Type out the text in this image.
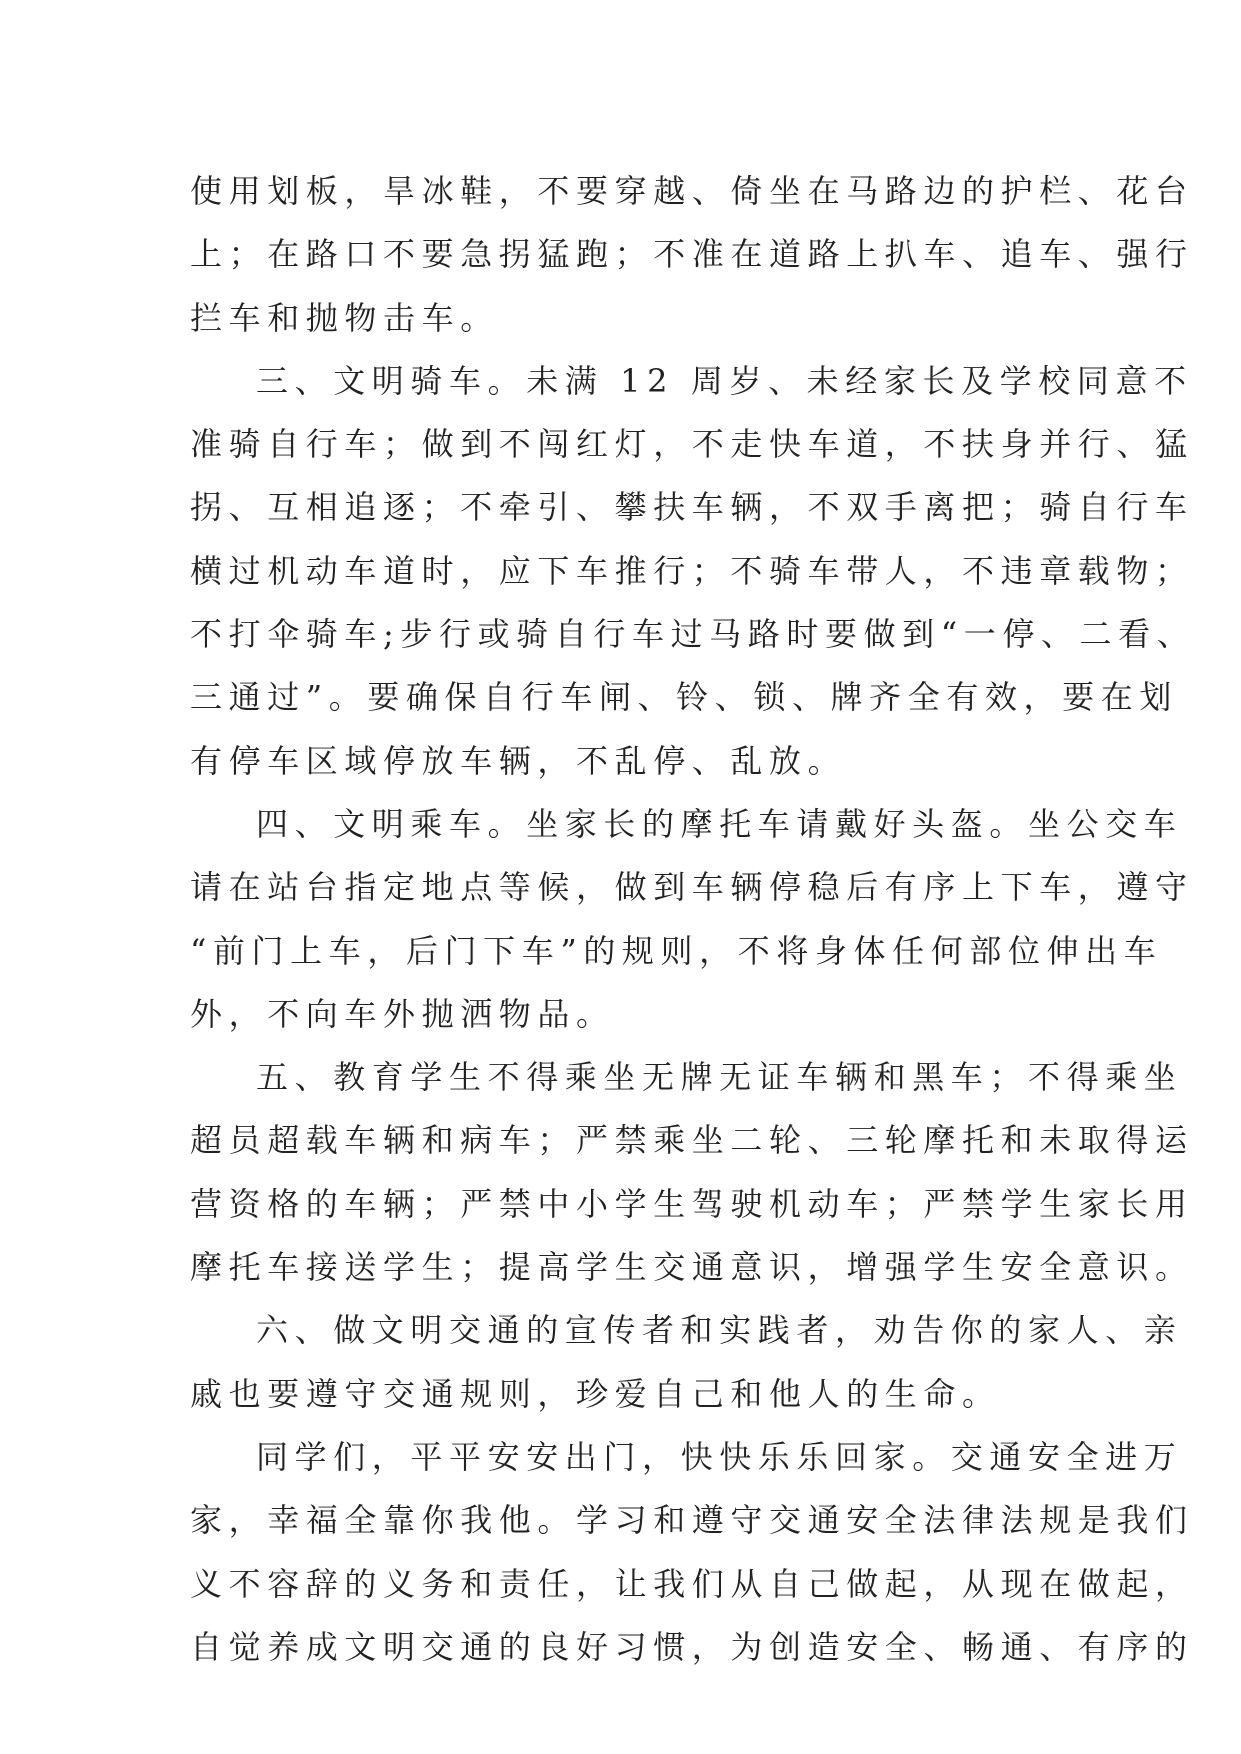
使用划板，旱冰鞋，不要穿越、倚坐在马路边的护栏、花台
上；在路口不要急拐猛跑；不准在道路上扒车、追车、强行
拦车和抛物击车。
三、文明骑车。未满 12 周岁、未经家长及学校同意不
准骑自行车；做到不闯红灯，不走快车道，不扶身并行、猛
拐、互相追逐；不牵引、攀扶车辆，不双手离把；骑自行车
横过机动车道时，应下车推行；不骑车带人，不违章载物；
不打伞骑车;步行或骑自行车过马路时要做到“一停、二看、
三通过”。要确保自行车闸、铃、锁、牌齐全有效，要在划
有停车区域停放车辆，不乱停、乱放。
四、文明乘车。坐家长的摩托车请戴好头盔。坐公交车
请在站台指定地点等候，做到车辆停稳后有序上下车，遵守
“前门上车，后门下车”的规则，不将身体任何部位伸出车
外，不向车外抛洒物品。
五、教育学生不得乘坐无牌无证车辆和黑车；不得乘坐
超员超载车辆和病车；严禁乘坐二轮、三轮摩托和未取得运
营资格的车辆；严禁中小学生驾驶机动车；严禁学生家长用
摩托车接送学生；提高学生交通意识，增强学生安全意识。
六、做文明交通的宣传者和实践者，劝告你的家人、亲
戚也要遵守交通规则，珍爱自己和他人的生命。
同学们，平平安安出门，快快乐乐回家。交通安全进万
家，幸福全靠你我他。学习和遵守交通安全法律法规是我们
义不容辞的义务和责任，让我们从自己做起，从现在做起，
自觉养成文明交通的良好习惯，为创造安全、畅通、有序的
